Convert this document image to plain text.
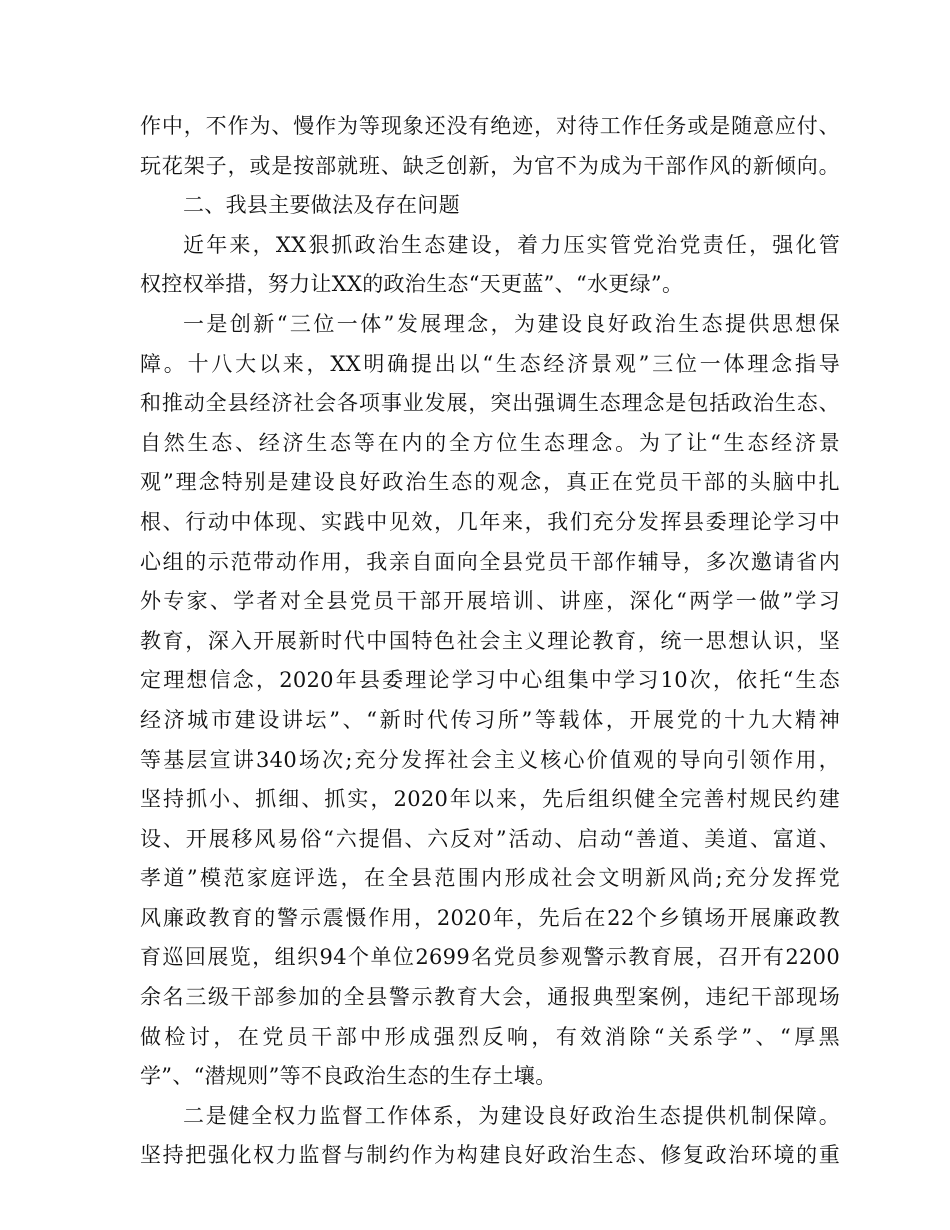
作中，不作为、慢作为等现象还没有绝迹，对待工作任务或是随意应付、
玩花架子，或是按部就班、缺乏创新，为官不为成为干部作风的新倾向。
二、我县主要做法及存在问题
近年来，XX狠抓政治生态建设，着力压实管党治党责任，强化管
权控权举措，努力让XX的政治生态“天更蓝”、“水更绿”。
一是创新“三位一体”发展理念，为建设良好政治生态提供思想保
障。十八大以来，XX明确提出以“生态经济景观”三位一体理念指导
和推动全县经济社会各项事业发展，突出强调生态理念是包括政治生态、
自然生态、经济生态等在内的全方位生态理念。为了让“生态经济景
观”理念特别是建设良好政治生态的观念，真正在党员干部的头脑中扎
根、行动中体现、实践中见效，几年来，我们充分发挥县委理论学习中
心组的示范带动作用，我亲自面向全县党员干部作辅导，多次邀请省内
外专家、学者对全县党员干部开展培训、讲座，深化“两学一做”学习
教育，深入开展新时代中国特色社会主义理论教育，统一思想认识，坚
定理想信念，2020年县委理论学习中心组集中学习10次，依托“生态
经济城市建设讲坛”、“新时代传习所”等载体，开展党的十九大精神
等基层宣讲340场次;充分发挥社会主义核心价值观的导向引领作用，
坚持抓小、抓细、抓实，2020年以来，先后组织健全完善村规民约建
设、开展移风易俗“六提倡、六反对”活动、启动“善道、美道、富道、
孝道”模范家庭评选，在全县范围内形成社会文明新风尚;充分发挥党
风廉政教育的警示震慑作用，2020年，先后在22个乡镇场开展廉政教
育巡回展览，组织94个单位2699名党员参观警示教育展，召开有2200
余名三级干部参加的全县警示教育大会，通报典型案例，违纪干部现场
做检讨，在党员干部中形成强烈反响，有效消除“关系学”、“厚黑
学”、“潜规则”等不良政治生态的生存土壤。
二是健全权力监督工作体系，为建设良好政治生态提供机制保障。
坚持把强化权力监督与制约作为构建良好政治生态、修复政治环境的重
